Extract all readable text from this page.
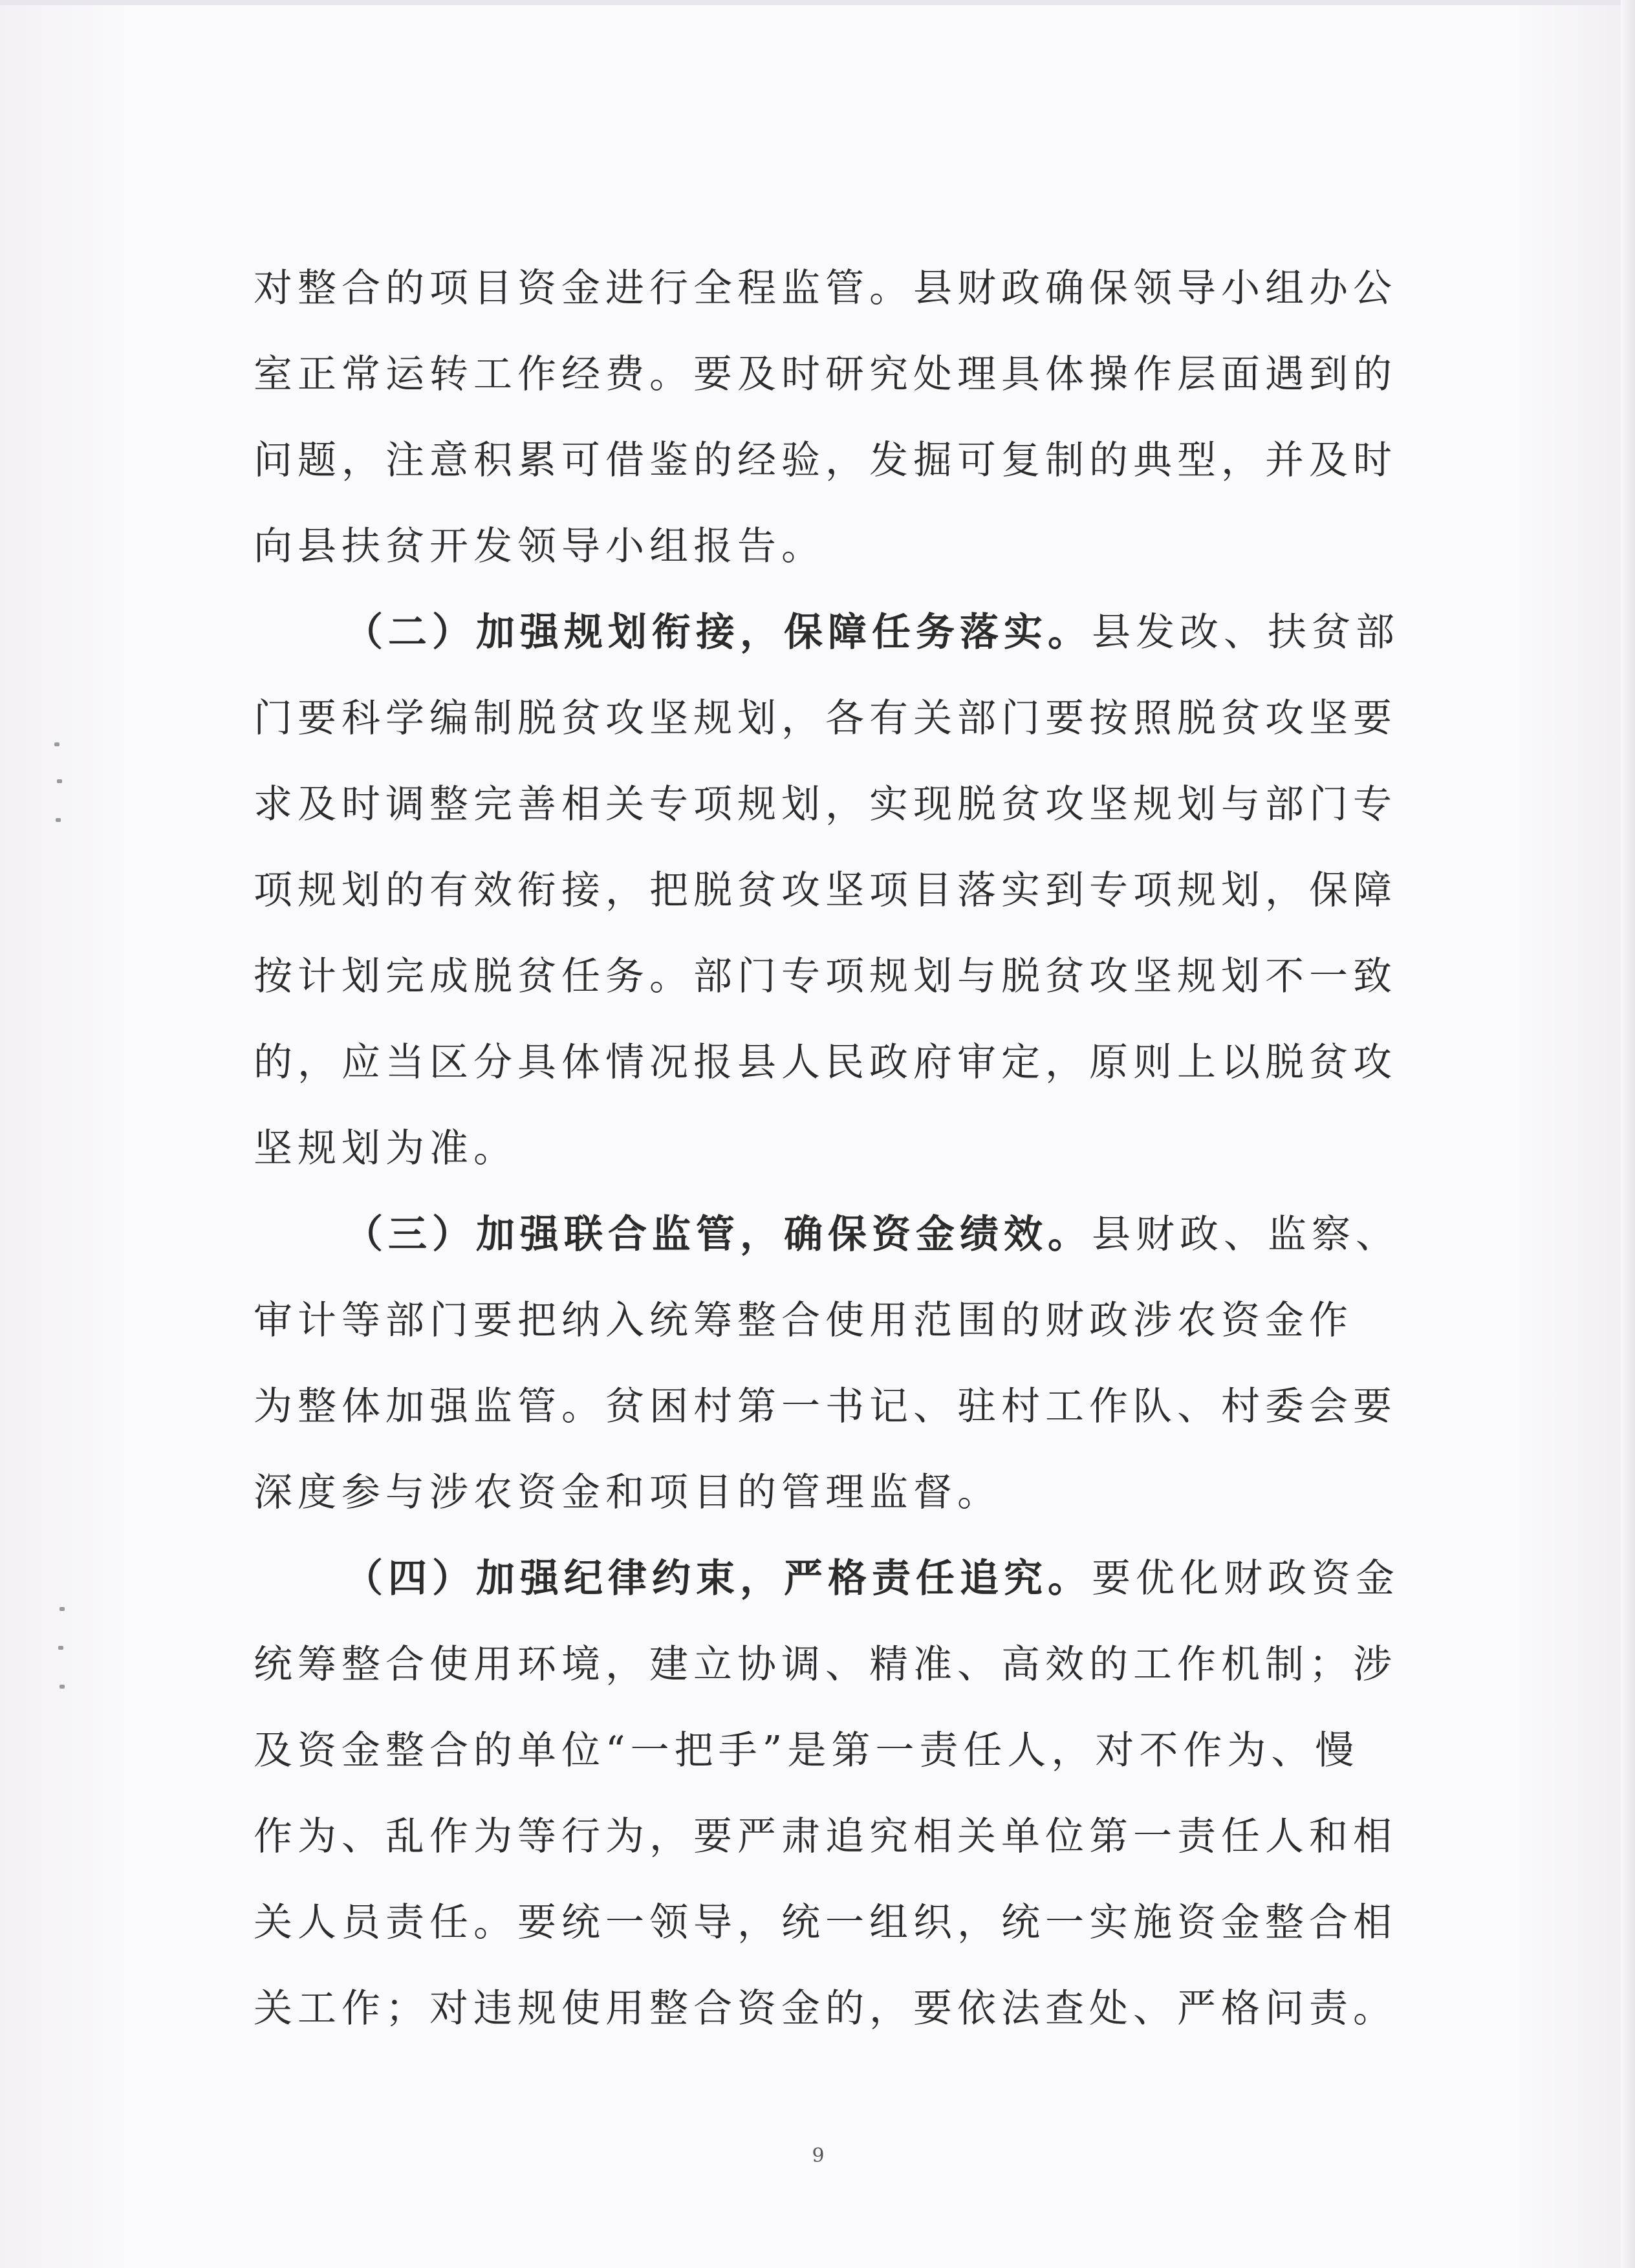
对整合的项目资金进行全程监管。县财政确保领导小组办公
室正常运转工作经费。要及时研究处理具体操作层面遇到的
问题，注意积累可借鉴的经验，发掘可复制的典型，并及时
向县扶贫开发领导小组报告。
（二）加强规划衔接，保障任务落实。县发改、扶贫部
门要科学编制脱贫攻坚规划，各有关部门要按照脱贫攻坚要
求及时调整完善相关专项规划，实现脱贫攻坚规划与部门专
项规划的有效衔接，把脱贫攻坚项目落实到专项规划，保障
按计划完成脱贫任务。部门专项规划与脱贫攻坚规划不一致
的，应当区分具体情况报县人民政府审定，原则上以脱贫攻
坚规划为准。
（三）加强联合监管，确保资金绩效。县财政、监察、
审计等部门要把纳入统筹整合使用范围的财政涉农资金作
为整体加强监管。贫困村第一书记、驻村工作队、村委会要
深度参与涉农资金和项目的管理监督。
（四）加强纪律约束，严格责任追究。要优化财政资金
统筹整合使用环境，建立协调、精准、高效的工作机制；涉
及资金整合的单位“一把手”是第一责任人，对不作为、慢
作为、乱作为等行为，要严肃追究相关单位第一责任人和相
关人员责任。要统一领导，统一组织，统一实施资金整合相
关工作；对违规使用整合资金的，要依法查处、严格问责。
9
